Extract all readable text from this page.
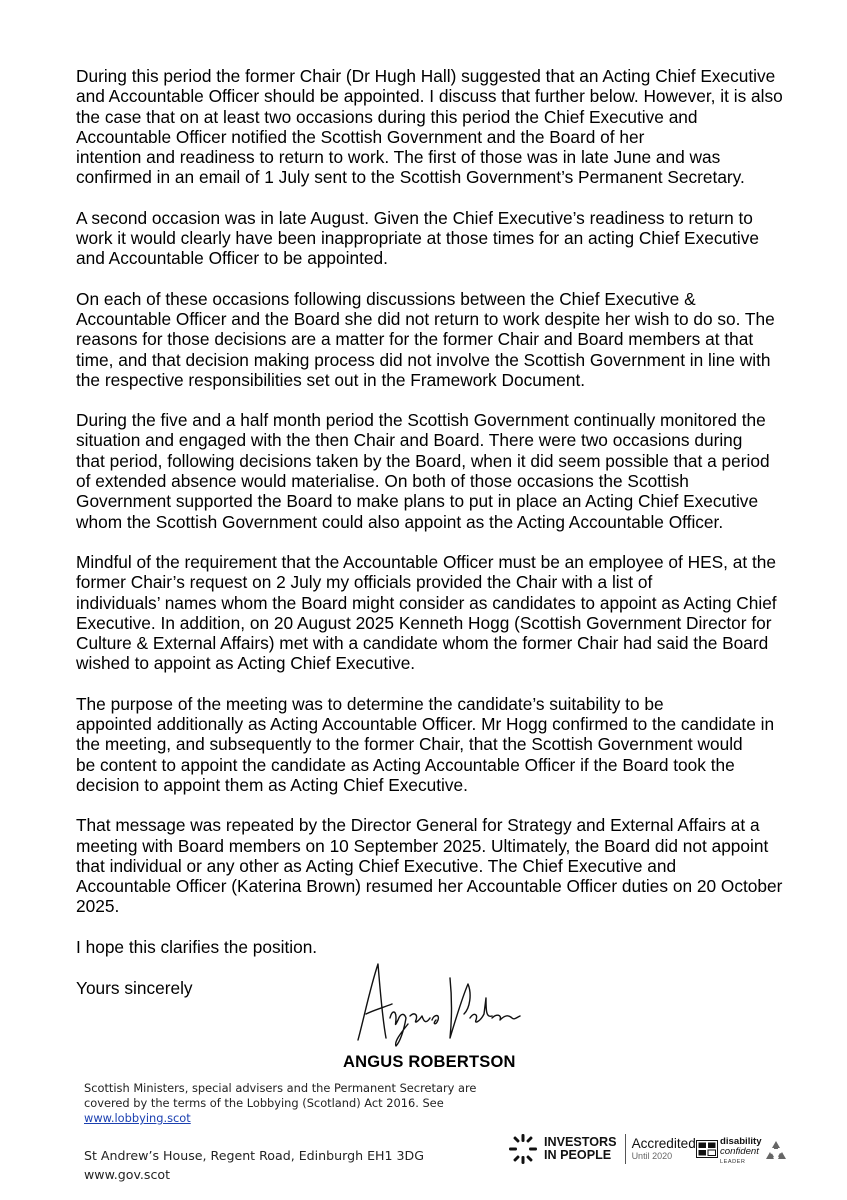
During this period the former Chair (Dr Hugh Hall) suggested that an Acting Chief Executive
and Accountable Officer should be appointed. I discuss that further below. However, it is also
the case that on at least two occasions during this period the Chief Executive and
Accountable Officer notified the Scottish Government and the Board of her
intention and readiness to return to work. The first of those was in late June and was
confirmed in an email of 1 July sent to the Scottish Government’s Permanent Secretary.
A second occasion was in late August. Given the Chief Executive’s readiness to return to
work it would clearly have been inappropriate at those times for an acting Chief Executive
and Accountable Officer to be appointed.
On each of these occasions following discussions between the Chief Executive &
Accountable Officer and the Board she did not return to work despite her wish to do so. The
reasons for those decisions are a matter for the former Chair and Board members at that
time, and that decision making process did not involve the Scottish Government in line with
the respective responsibilities set out in the Framework Document.
During the five and a half month period the Scottish Government continually monitored the
situation and engaged with the then Chair and Board. There were two occasions during
that period, following decisions taken by the Board, when it did seem possible that a period
of extended absence would materialise. On both of those occasions the Scottish
Government supported the Board to make plans to put in place an Acting Chief Executive
whom the Scottish Government could also appoint as the Acting Accountable Officer.
Mindful of the requirement that the Accountable Officer must be an employee of HES, at the
former Chair’s request on 2 July my officials provided the Chair with a list of
individuals’ names whom the Board might consider as candidates to appoint as Acting Chief
Executive. In addition, on 20 August 2025 Kenneth Hogg (Scottish Government Director for
Culture & External Affairs) met with a candidate whom the former Chair had said the Board
wished to appoint as Acting Chief Executive.
The purpose of the meeting was to determine the candidate’s suitability to be
appointed additionally as Acting Accountable Officer. Mr Hogg confirmed to the candidate in
the meeting, and subsequently to the former Chair, that the Scottish Government would
be content to appoint the candidate as Acting Accountable Officer if the Board took the
decision to appoint them as Acting Chief Executive.
That message was repeated by the Director General for Strategy and External Affairs at a
meeting with Board members on 10 September 2025. Ultimately, the Board did not appoint
that individual or any other as Acting Chief Executive. The Chief Executive and
Accountable Officer (Katerina Brown) resumed her Accountable Officer duties on 20 October
2025.
I hope this clarifies the position.
Yours sincerely
ANGUS ROBERTSON
Scottish Ministers, special advisers and the Permanent Secretary are
covered by the terms of the Lobbying (Scotland) Act 2016. See
www.lobbying.scot
St Andrew’s House, Regent Road, Edinburgh EH1 3DG
www.gov.scot
INVESTORS
IN PEOPLE
Accredited
Until 2020
disability
confident
LEADER
